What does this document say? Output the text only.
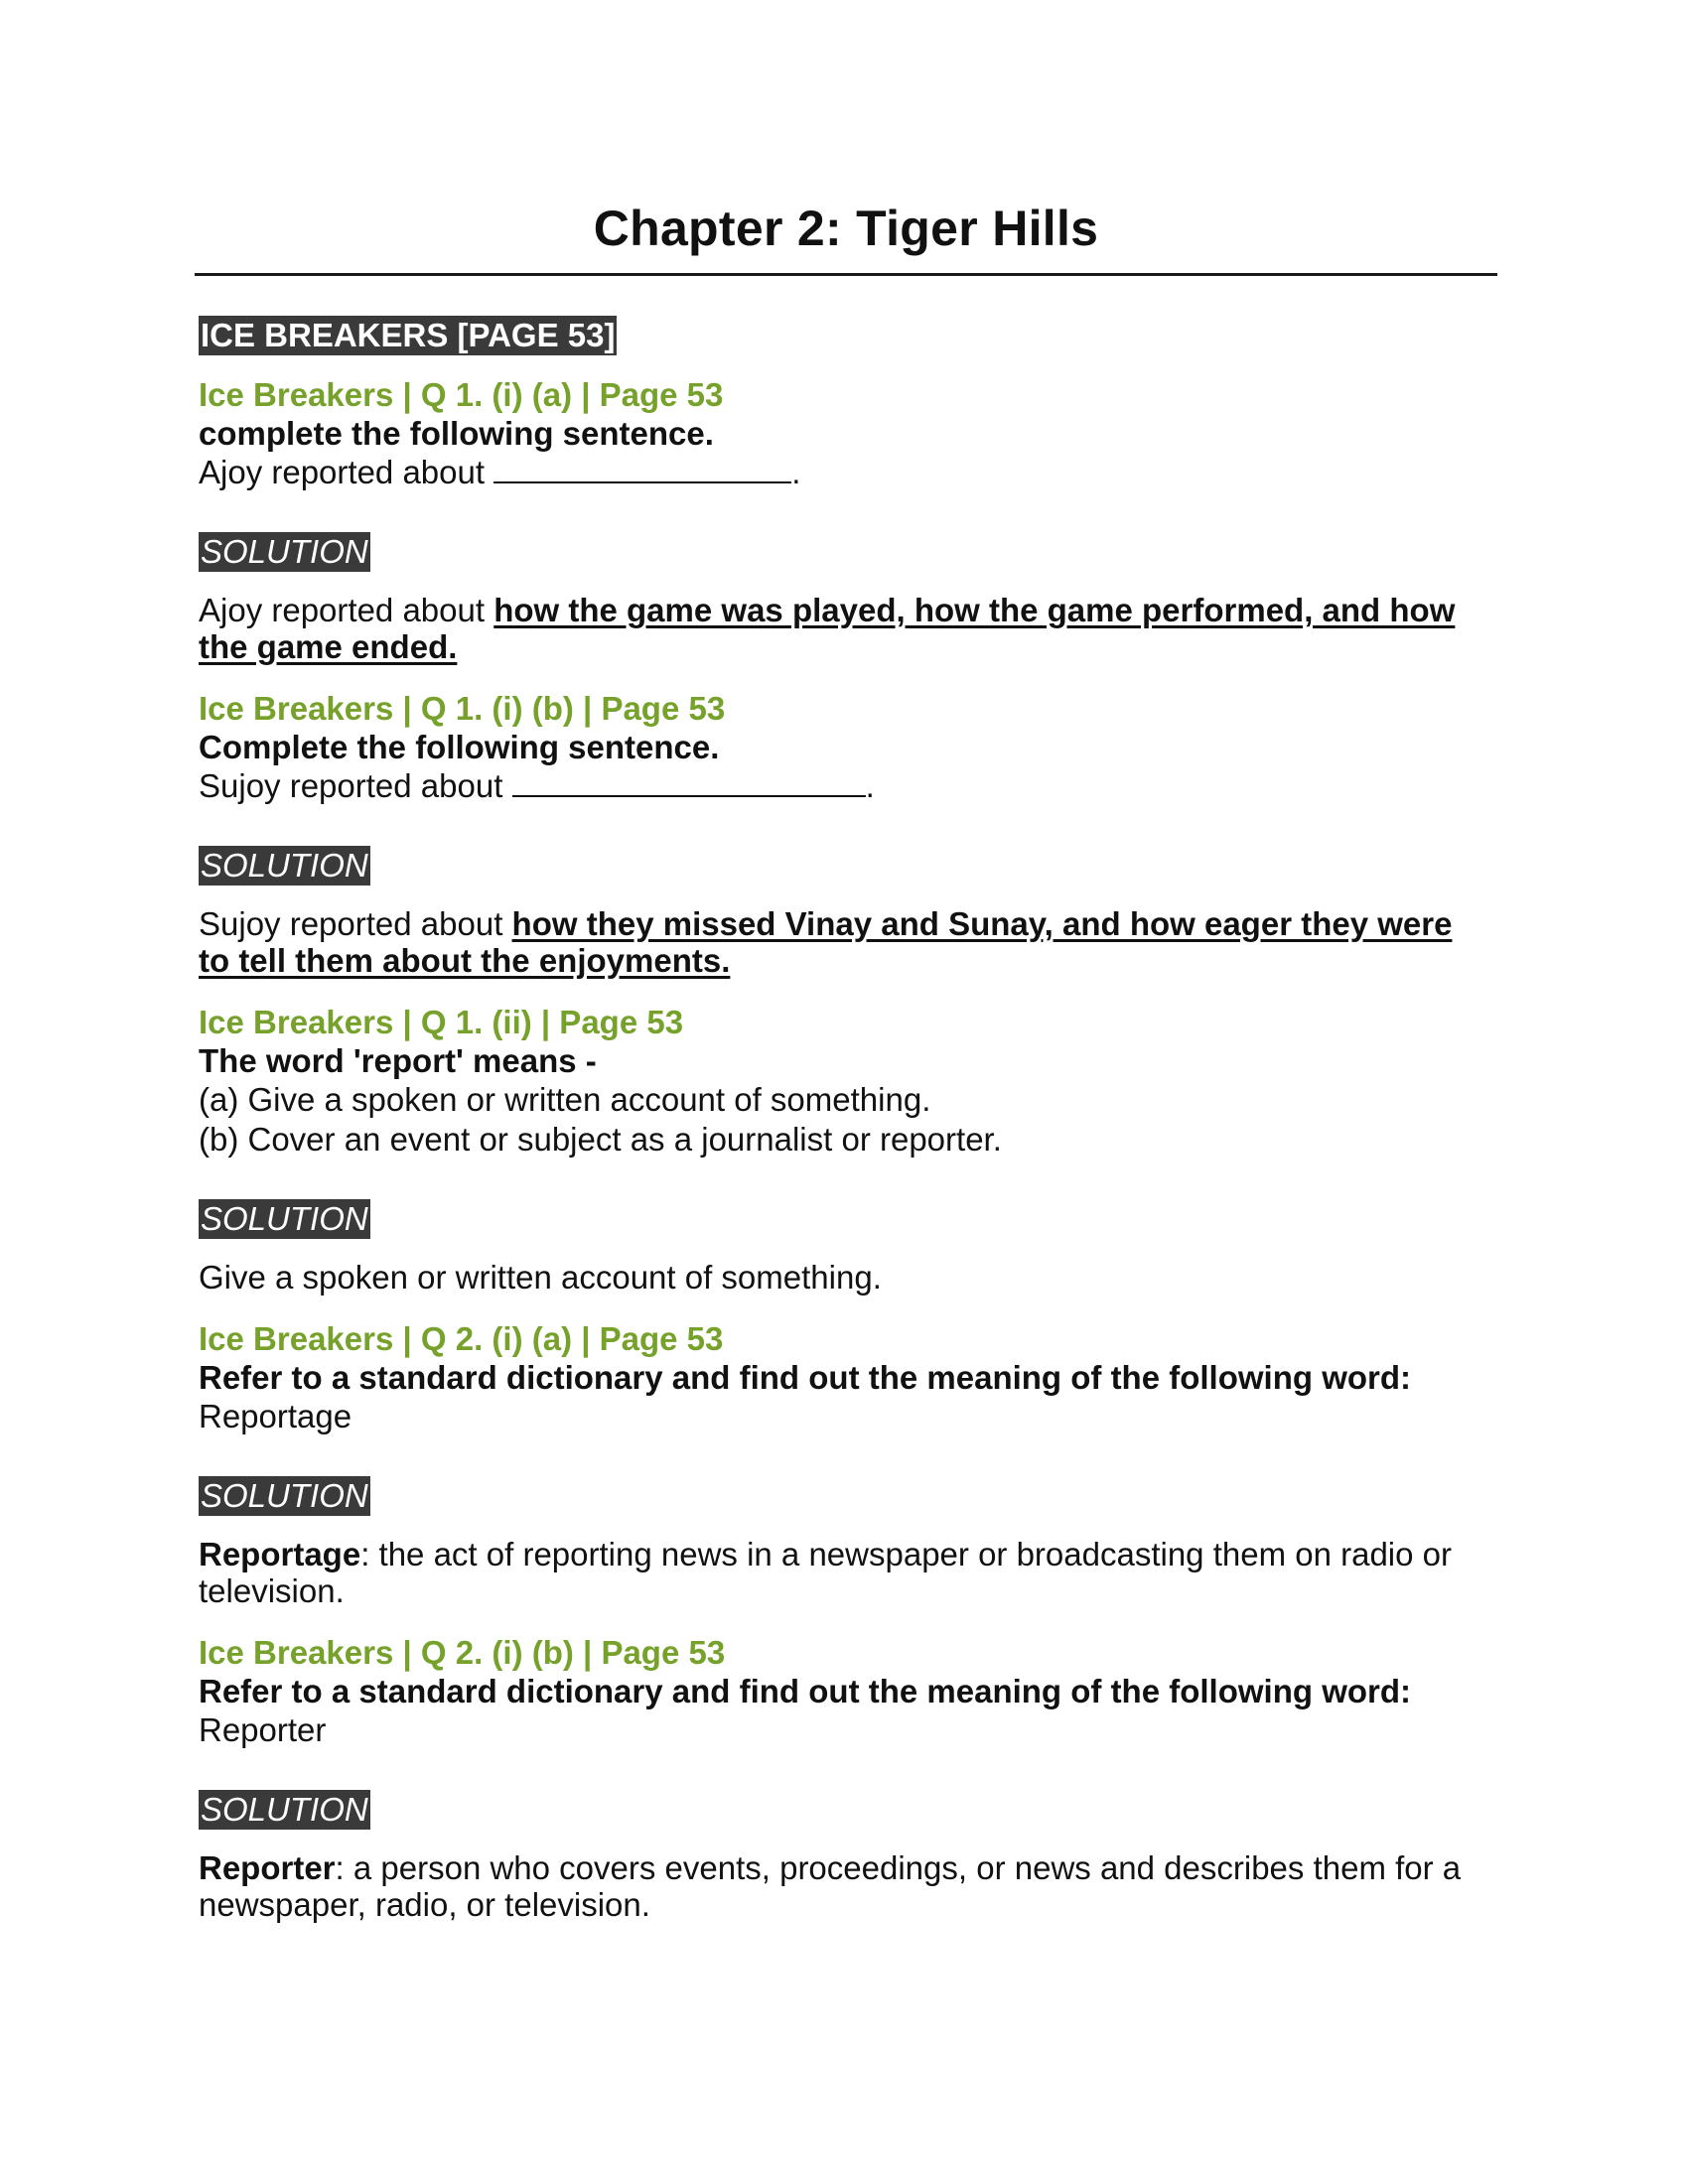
Chapter 2: Tiger Hills
ICE BREAKERS [PAGE 53]

Ice Breakers | Q 1. (i) (a) | Page 53

complete the following sentence.

Ajoy reported about	.

SOLUTION

Ajoy reported about how the game was played, how the game performed, and how the game ended.

Ice Breakers | Q 1. (i) (b) | Page 53

Complete the following sentence.

Sujoy reported about	.

SOLUTION

Sujoy reported about how they missed Vinay and Sunay, and how eager they were to tell them about the enjoyments.

Ice Breakers | Q 1. (ii) | Page 53

The word 'report' means -

(a) Give a spoken or written account of something.

(b) Cover an event or subject as a journalist or reporter.

SOLUTION

Give a spoken or written account of something.

Ice Breakers | Q 2. (i) (a) | Page 53

Refer to a standard dictionary and find out the meaning of the following word:

Reportage

SOLUTION

Reportage: the act of reporting news in a newspaper or broadcasting them on radio or television.

Ice Breakers | Q 2. (i) (b) | Page 53

Refer to a standard dictionary and find out the meaning of the following word:

Reporter

SOLUTION

Reporter: a person who covers events, proceedings, or news and describes them for a newspaper, radio, or television.
